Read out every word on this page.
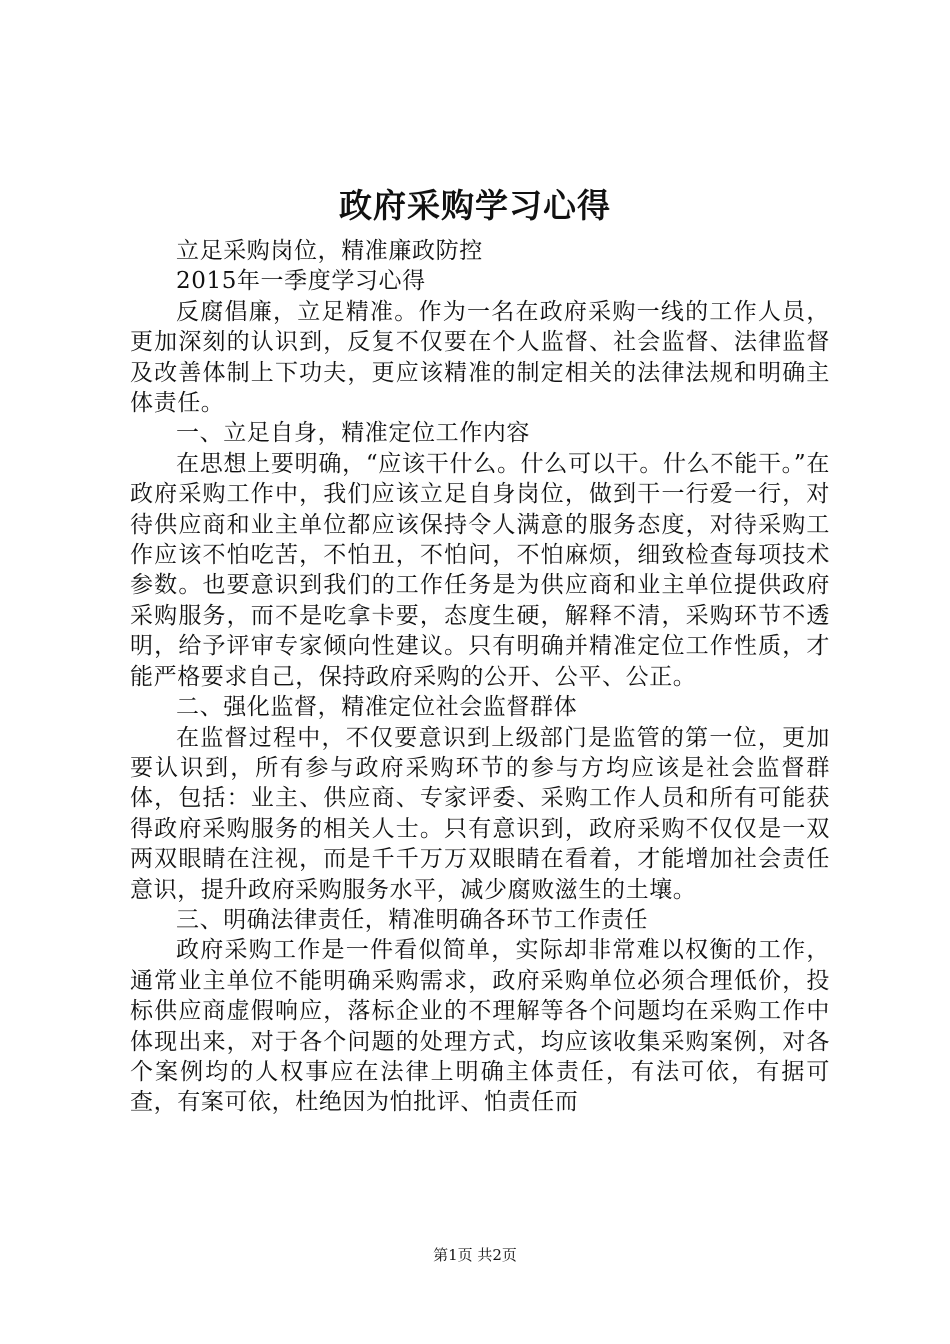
政府采购学习心得

立足采购岗位，精准廉政防控

2015年一季度学习心得

反腐倡廉，立足精准。作为一名在政府采购一线的工作人员，更加深刻的认识到，反复不仅要在个人监督、社会监督、法律监督及改善体制上下功夫，更应该精准的制定相关的法律法规和明确主体责任。

一、立足自身，精准定位工作内容

在思想上要明确，“应该干什么。什么可以干。什么不能干。”在政府采购工作中，我们应该立足自身岗位，做到干一行爱一行，对待供应商和业主单位都应该保持令人满意的服务态度，对待采购工作应该不怕吃苦，不怕丑，不怕问，不怕麻烦，细致检查每项技术参数。也要意识到我们的工作任务是为供应商和业主单位提供政府采购服务，而不是吃拿卡要，态度生硬，解释不清，采购环节不透明，给予评审专家倾向性建议。只有明确并精准定位工作性质，才能严格要求自己，保持政府采购的公开、公平、公正。

二、强化监督，精准定位社会监督群体

在监督过程中，不仅要意识到上级部门是监管的第一位，更加要认识到，所有参与政府采购环节的参与方均应该是社会监督群体，包括：业主、供应商、专家评委、采购工作人员和所有可能获得政府采购服务的相关人士。只有意识到，政府采购不仅仅是一双两双眼睛在注视，而是千千万万双眼睛在看着，才能增加社会责任意识，提升政府采购服务水平，减少腐败滋生的土壤。

三、明确法律责任，精准明确各环节工作责任

政府采购工作是一件看似简单，实际却非常难以权衡的工作，通常业主单位不能明确采购需求，政府采购单位必须合理低价，投标供应商虚假响应，落标企业的不理解等各个问题均在采购工作中体现出来，对于各个问题的处理方式，均应该收集采购案例，对各个案例均的人权事应在法律上明确主体责任，有法可依，有据可查，有案可依，杜绝因为怕批评、怕责任而

第1页 共2页
